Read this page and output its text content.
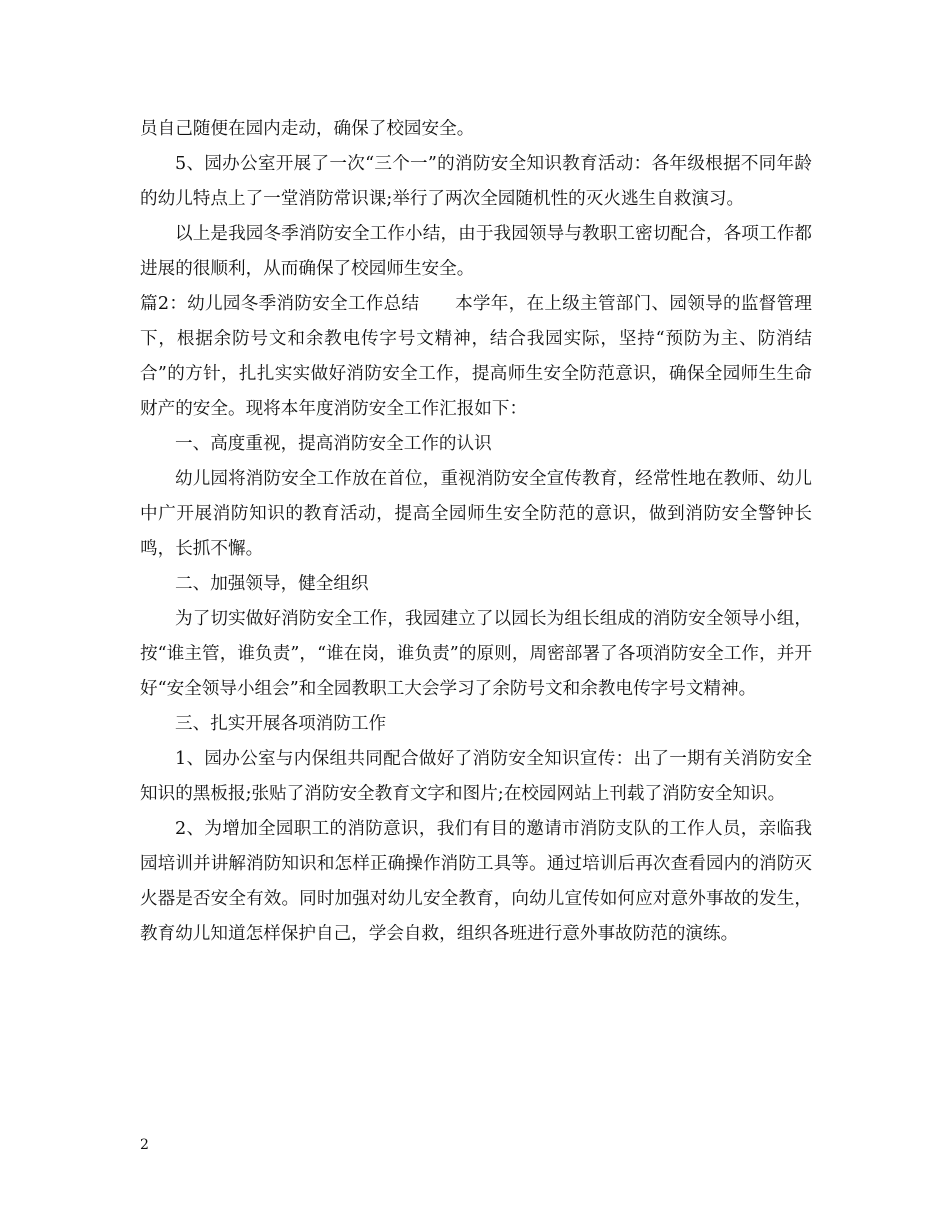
员自己随便在园内走动，确保了校园安全。

5、园办公室开展了一次“三个一”的消防安全知识教育活动：各年级根据不同年龄的幼儿特点上了一堂消防常识课;举行了两次全园随机性的灭火逃生自救演习。

以上是我园冬季消防安全工作小结，由于我园领导与教职工密切配合，各项工作都进展的很顺利，从而确保了校园师生安全。

篇2：幼儿园冬季消防安全工作总结　　本学年，在上级主管部门、园领导的监督管理下，根据余防号文和余教电传字号文精神，结合我园实际，坚持“预防为主、防消结合”的方针，扎扎实实做好消防安全工作，提高师生安全防范意识，确保全园师生生命财产的安全。现将本年度消防安全工作汇报如下：

一、高度重视，提高消防安全工作的认识

幼儿园将消防安全工作放在首位，重视消防安全宣传教育，经常性地在教师、幼儿中广开展消防知识的教育活动，提高全园师生安全防范的意识，做到消防安全警钟长鸣，长抓不懈。

二、加强领导，健全组织

为了切实做好消防安全工作，我园建立了以园长为组长组成的消防安全领导小组，按“谁主管，谁负责”，“谁在岗，谁负责”的原则，周密部署了各项消防安全工作，并开好“安全领导小组会”和全园教职工大会学习了余防号文和余教电传字号文精神。

三、扎实开展各项消防工作

1、园办公室与内保组共同配合做好了消防安全知识宣传：出了一期有关消防安全知识的黑板报;张贴了消防安全教育文字和图片;在校园网站上刊载了消防安全知识。

2、为增加全园职工的消防意识，我们有目的邀请市消防支队的工作人员，亲临我园培训并讲解消防知识和怎样正确操作消防工具等。通过培训后再次查看园内的消防灭火器是否安全有效。同时加强对幼儿安全教育，向幼儿宣传如何应对意外事故的发生，教育幼儿知道怎样保护自己，学会自救，组织各班进行意外事故防范的演练。

2
